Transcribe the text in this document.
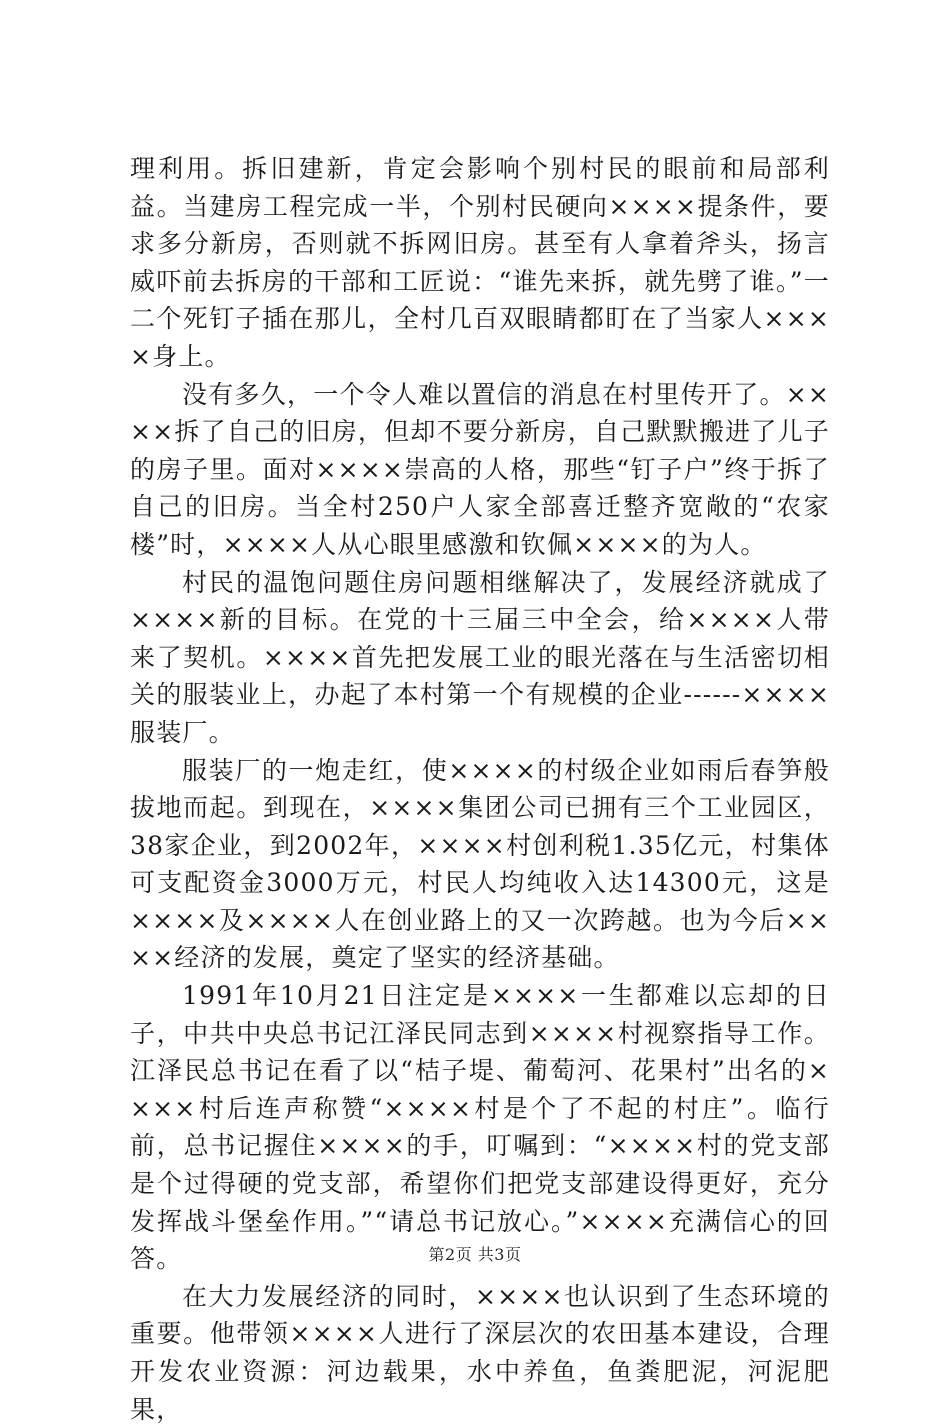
理利用。拆旧建新，肯定会影响个别村民的眼前和局部利益。当建房工程完成一半，个别村民硬向××××提条件，要求多分新房，否则就不拆网旧房。甚至有人拿着斧头，扬言威吓前去拆房的干部和工匠说：“谁先来拆，就先劈了谁。”一二个死钉子插在那儿，全村几百双眼睛都盯在了当家人××××身上。

没有多久，一个令人难以置信的消息在村里传开了。××××拆了自己的旧房，但却不要分新房，自己默默搬进了儿子的房子里。面对××××崇高的人格，那些“钉子户”终于拆了自己的旧房。当全村250户人家全部喜迁整齐宽敞的“农家楼”时，××××人从心眼里感激和钦佩××××的为人。

村民的温饱问题住房问题相继解决了，发展经济就成了××××新的目标。在党的十三届三中全会，给××××人带来了契机。××××首先把发展工业的眼光落在与生活密切相关的服装业上，办起了本村第一个有规模的企业------××××服装厂。

服装厂的一炮走红，使××××的村级企业如雨后春笋般拔地而起。到现在，××××集团公司已拥有三个工业园区，38家企业，到2002年，××××村创利税1.35亿元，村集体可支配资金3000万元，村民人均纯收入达14300元，这是××××及××××人在创业路上的又一次跨越。也为今后××××经济的发展，奠定了坚实的经济基础。

1991年10月21日注定是××××一生都难以忘却的日子，中共中央总书记江泽民同志到××××村视察指导工作。江泽民总书记在看了以“桔子堤、葡萄河、花果村”出名的××××村后连声称赞“××××村是个了不起的村庄”。临行前，总书记握住××××的手，叮嘱到：“××××村的党支部是个过得硬的党支部，希望你们把党支部建设得更好，充分发挥战斗堡垒作用。”“请总书记放心。”××××充满信心的回答。

在大力发展经济的同时，××××也认识到了生态环境的重要。他带领××××人进行了深层次的农田基本建设，合理开发农业资源：河边载果，水中养鱼，鱼粪肥泥，河泥肥果，

第2页 共3页
